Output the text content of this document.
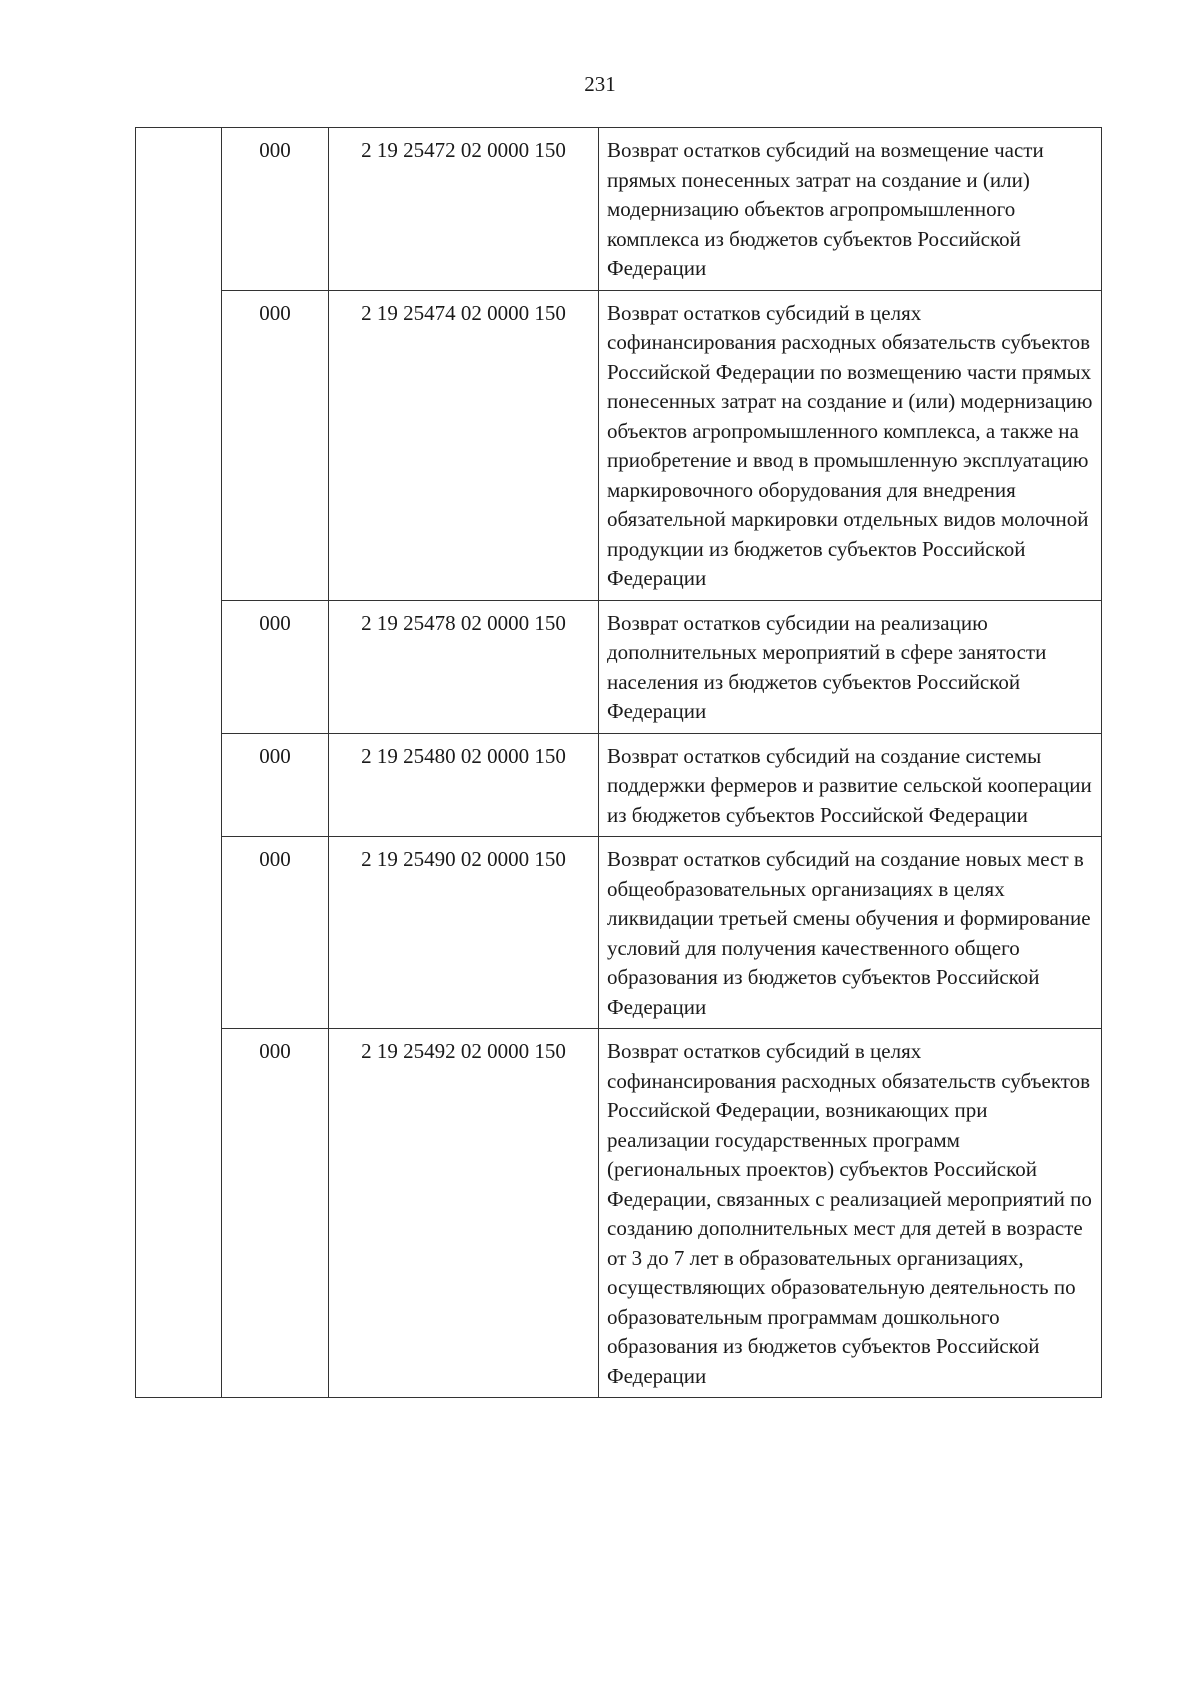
231
	000	2 19 25472 02 0000 150	Возврат остатков субсидий на возмещение части прямых понесенных затрат на создание и (или) модернизацию объектов агропромышленного комплекса из бюджетов субъектов Российской Федерации
	000	2 19 25474 02 0000 150	Возврат остатков субсидий в целях софинансирования расходных обязательств субъектов Российской Федерации по возмещению части прямых понесенных затрат на создание и (или) модернизацию объектов агропромышленного комплекса, а также на приобретение и ввод в промышленную эксплуатацию маркировочного оборудования для внедрения обязательной маркировки отдельных видов молочной продукции из бюджетов субъектов Российской Федерации
	000	2 19 25478 02 0000 150	Возврат остатков субсидии на реализацию дополнительных мероприятий в сфере занятости населения из бюджетов субъектов Российской Федерации
	000	2 19 25480 02 0000 150	Возврат остатков субсидий на создание системы поддержки фермеров и развитие сельской кооперации из бюджетов субъектов Российской Федерации
	000	2 19 25490 02 0000 150	Возврат остатков субсидий на создание новых мест в общеобразовательных организациях в целях ликвидации третьей смены обучения и формирование условий для получения качественного общего образования из бюджетов субъектов Российской Федерации
	000	2 19 25492 02 0000 150	Возврат остатков субсидий в целях софинансирования расходных обязательств субъектов Российской Федерации, возникающих при реализации государственных программ (региональных проектов) субъектов Российской Федерации, связанных с реализацией мероприятий по созданию дополнительных мест для детей в возрасте от 3 до 7 лет в образовательных организациях, осуществляющих образовательную деятельность по образовательным программам дошкольного образования из бюджетов субъектов Российской Федерации
